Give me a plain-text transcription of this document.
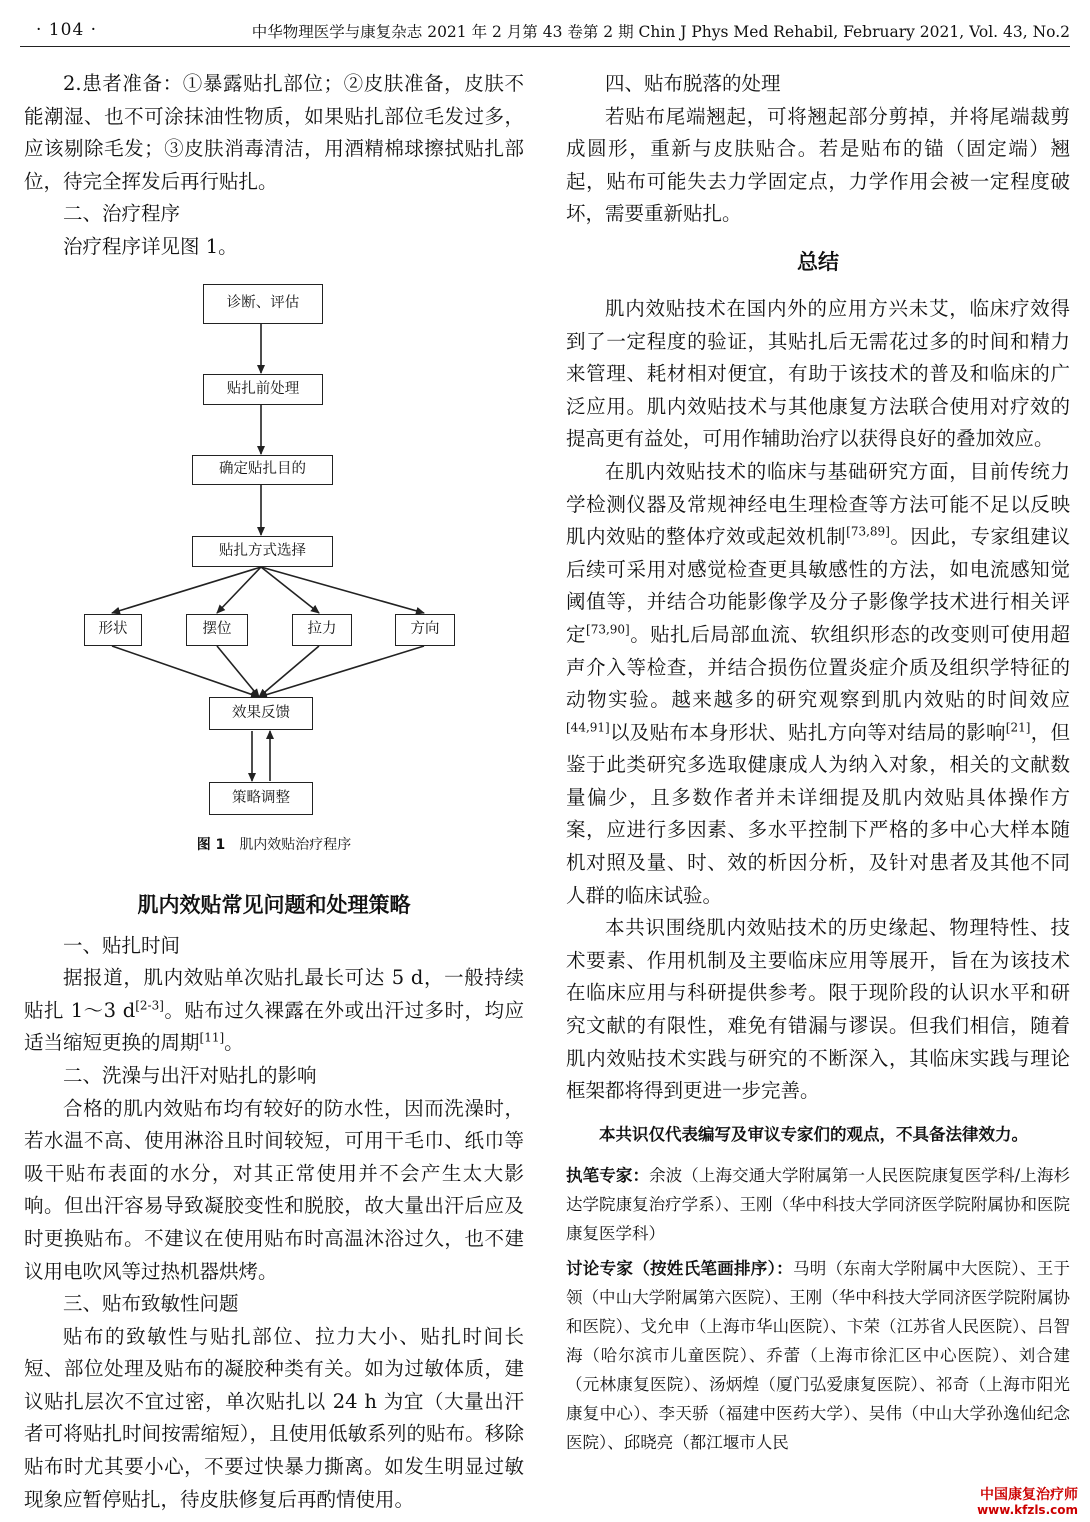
· 104 ·	中华物理医学与康复杂志 2021 年 2 月第 43 卷第 2 期 Chin J Phys Med Rehabil, February 2021, Vol. 43, No.2

2.患者准备：①暴露贴扎部位；②皮肤准备，皮肤不能潮湿、也不可涂抹油性物质，如果贴扎部位毛发过多，应该剔除毛发；③皮肤消毒清洁，用酒精棉球擦拭贴扎部位，待完全挥发后再行贴扎。

二、治疗程序

治疗程序详见图 1。

诊断、评估
贴扎前处理
确定贴扎目的
贴扎方式选择
形状	摆位	拉力	方向
效果反馈
图 1 肌内效贴治疗程序
策略调整

肌内效贴常见问题和处理策略

一、贴扎时间

据报道，肌内效贴单次贴扎最长可达 5 d，一般持续贴扎 1～3 d[2-3]。贴布过久裸露在外或出汗过多时，均应适当缩短更换的周期[11]。

二、洗澡与出汗对贴扎的影响

合格的肌内效贴布均有较好的防水性，因而洗澡时，若水温不高、使用淋浴且时间较短，可用干毛巾、纸巾等吸干贴布表面的水分，对其正常使用并不会产生太大影响。但出汗容易导致凝胶变性和脱胶，故大量出汗后应及时更换贴布。不建议在使用贴布时高温沐浴过久，也不建议用电吹风等过热机器烘烤。

三、贴布致敏性问题

贴布的致敏性与贴扎部位、拉力大小、贴扎时间长短、部位处理及贴布的凝胶种类有关。如为过敏体质，建议贴扎层次不宜过密，单次贴扎以 24 h 为宜（大量出汗者可将贴扎时间按需缩短），且使用低敏系列的贴布。移除贴布时尤其要小心，不要过快暴力撕离。如发生明显过敏现象应暂停贴扎，待皮肤修复后再酌情使用。

四、贴布脱落的处理

若贴布尾端翘起，可将翘起部分剪掉，并将尾端裁剪成圆形，重新与皮肤贴合。若是贴布的锚（固定端）翘起，贴布可能失去力学固定点，力学作用会被一定程度破坏，需要重新贴扎。

总结

肌内效贴技术在国内外的应用方兴未艾，临床疗效得到了一定程度的验证，其贴扎后无需花过多的时间和精力来管理、耗材相对便宜，有助于该技术的普及和临床的广泛应用。肌内效贴技术与其他康复方法联合使用对疗效的提高更有益处，可用作辅助治疗以获得良好的叠加效应。

在肌内效贴技术的临床与基础研究方面，目前传统力学检测仪器及常规神经电生理检查等方法可能不足以反映肌内效贴的整体疗效或起效机制[73,89]。因此，专家组建议后续可采用对感觉检查更具敏感性的方法，如电流感知觉阈值等，并结合功能影像学及分子影像学技术进行相关评定[73,90]。贴扎后局部血流、软组织形态的改变则可使用超声介入等检查，并结合损伤位置炎症介质及组织学特征的动物实验。越来越多的研究观察到肌内效贴的时间效应[44,91]以及贴布本身形状、贴扎方向等对结局的影响[21]，但鉴于此类研究多选取健康成人为纳入对象，相关的文献数量偏少，且多数作者并未详细提及肌内效贴具体操作方案，应进行多因素、多水平控制下严格的多中心大样本随机对照及量、时、效的析因分析，及针对患者及其他不同人群的临床试验。

本共识围绕肌内效贴技术的历史缘起、物理特性、技术要素、作用机制及主要临床应用等展开，旨在为该技术在临床应用与科研提供参考。限于现阶段的认识水平和研究文献的有限性，难免有错漏与谬误。但我们相信，随着肌内效贴技术实践与研究的不断深入，其临床实践与理论框架都将得到更进一步完善。

本共识仅代表编写及审议专家们的观点，不具备法律效力。

执笔专家：余波（上海交通大学附属第一人民医院康复医学科/上海杉达学院康复治疗学系）、王刚（华中科技大学同济医学院附属协和医院康复医学科）

讨论专家（按姓氏笔画排序）：马明（东南大学附属中大医院）、王于领（中山大学附属第六医院）、王刚（华中科技大学同济医学院附属协和医院）、戈允申（上海市华山医院）、卞荣（江苏省人民医院）、吕智海（哈尔滨市儿童医院）、乔蕾（上海市徐汇区中心医院）、刘合建（元林康复医院）、汤炳煌（厦门弘爱康复医院）、祁奇（上海市阳光康复中心）、李天骄（福建中医药大学）、吴伟（中山大学孙逸仙纪念医院）、邱晓亮（都江堰市人民

中国康复治疗师
www.kfzls.com
